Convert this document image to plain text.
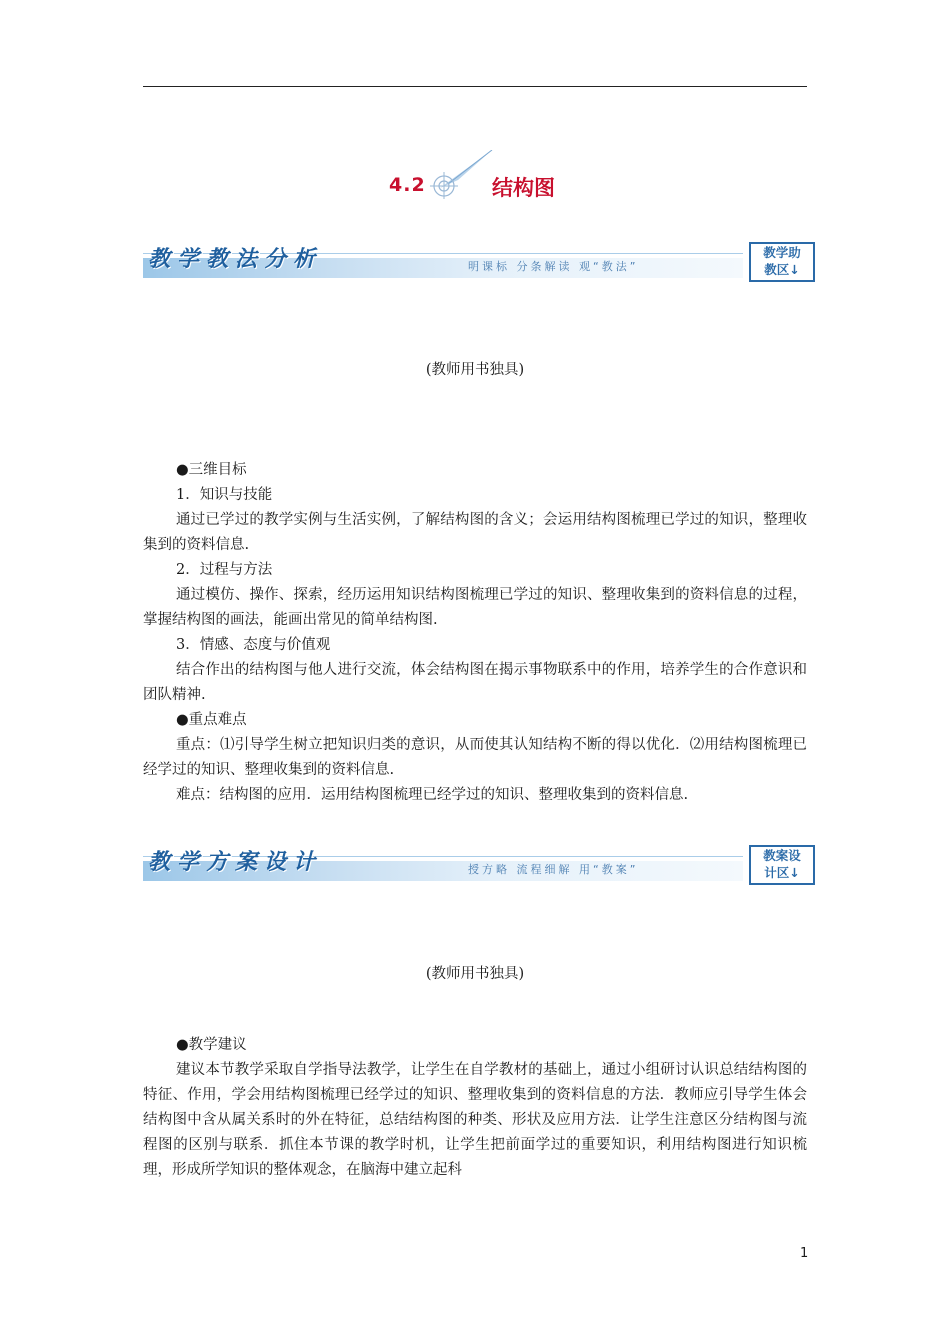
4.2	结构图
教学教法分析	明课标 分条解读 观“教法”
教学助
教区↓
(教师用书独具)

●三维目标

1．知识与技能

通过已学过的教学实例与生活实例，了解结构图的含义；会运用结构图梳理已学过的知识，整理收集到的资料信息.

2．过程与方法

通过模仿、操作、探索，经历运用知识结构图梳理已学过的知识、整理收集到的资料信息的过程，掌握结构图的画法，能画出常见的简单结构图.

3．情感、态度与价值观

结合作出的结构图与他人进行交流，体会结构图在揭示事物联系中的作用，培养学生的合作意识和团队精神.

●重点难点

重点：⑴引导学生树立把知识归类的意识，从而使其认知结构不断的得以优化．⑵用结构图梳理已经学过的知识、整理收集到的资料信息.

难点：结构图的应用．运用结构图梳理已经学过的知识、整理收集到的资料信息.

教学方案设计	授方略 流程细解 用“教案”
教案设
计区↓
(教师用书独具)

●教学建议

建议本节教学采取自学指导法教学，让学生在自学教材的基础上，通过小组研讨认识总结结构图的特征、作用，学会用结构图梳理已经学过的知识、整理收集到的资料信息的方法．教师应引导学生体会结构图中含从属关系时的外在特征，总结结构图的种类、形状及应用方法．让学生注意区分结构图与流程图的区别与联系．抓住本节课的教学时机，让学生把前面学过的重要知识，利用结构图进行知识梳理，形成所学知识的整体观念，在脑海中建立起科

1
